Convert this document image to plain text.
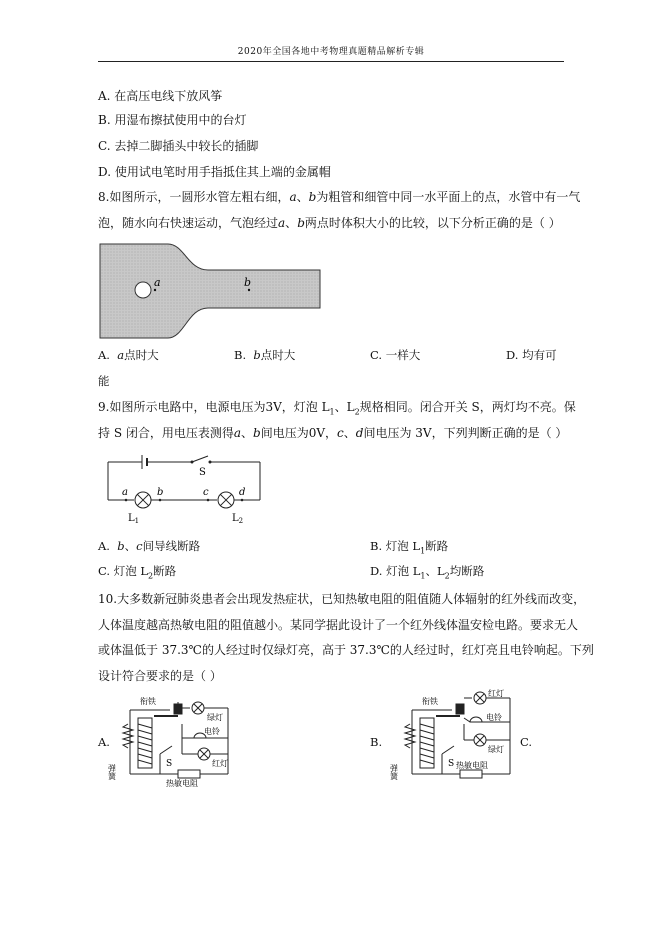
2020年全国各地中考物理真题精品解析专辑
A. 在高压电线下放风筝
B. 用湿布擦拭使用中的台灯
C. 去掉二脚插头中较长的插脚
D. 使用试电笔时用手指抵住其上端的金属帽
8.如图所示，一圆形水管左粗右细，a、b为粗管和细管中同一水平面上的点，水管中有一气
泡，随水向右快速运动，气泡经过a、b两点时体积大小的比较，以下分析正确的是（ ）
a	b
A. a点时大	B. b点时大	C. 一样大	D. 均有可
能
9.如图所示电路中，电源电压为3V，灯泡 $L_1$、$L_2$规格相同。闭合开关 S，两灯均不亮。保
持 S 闭合，用电压表测得a、b间电压为0V，c、d间电压为 3V，下列判断正确的是（ ）
S
a	b	c	d
$L_1$	$L_2$
A. b、c间导线断路	B. 灯泡 $L_1$断路
C. 灯泡 $L_2$断路	D. 灯泡 $L_1$、$L_2$均断路
10.大多数新冠肺炎患者会出现发热症状，已知热敏电阻的阻值随人体辐射的红外线而改变，
人体温度越高热敏电阻的阻值越小。某同学据此设计了一个红外线体温安检电路。要求无人
或体温低于 37.3℃的人经过时仅绿灯亮，高于 37.3℃的人经过时，红灯亮且电铃响起。下列
设计符合要求的是（ ）
A.
衔铁
绿灯
弹簧
电铃
S	红灯
热敏电阻
B.
衔铁
红灯
电铃
弹簧
绿灯
S 热敏电阻
C.
